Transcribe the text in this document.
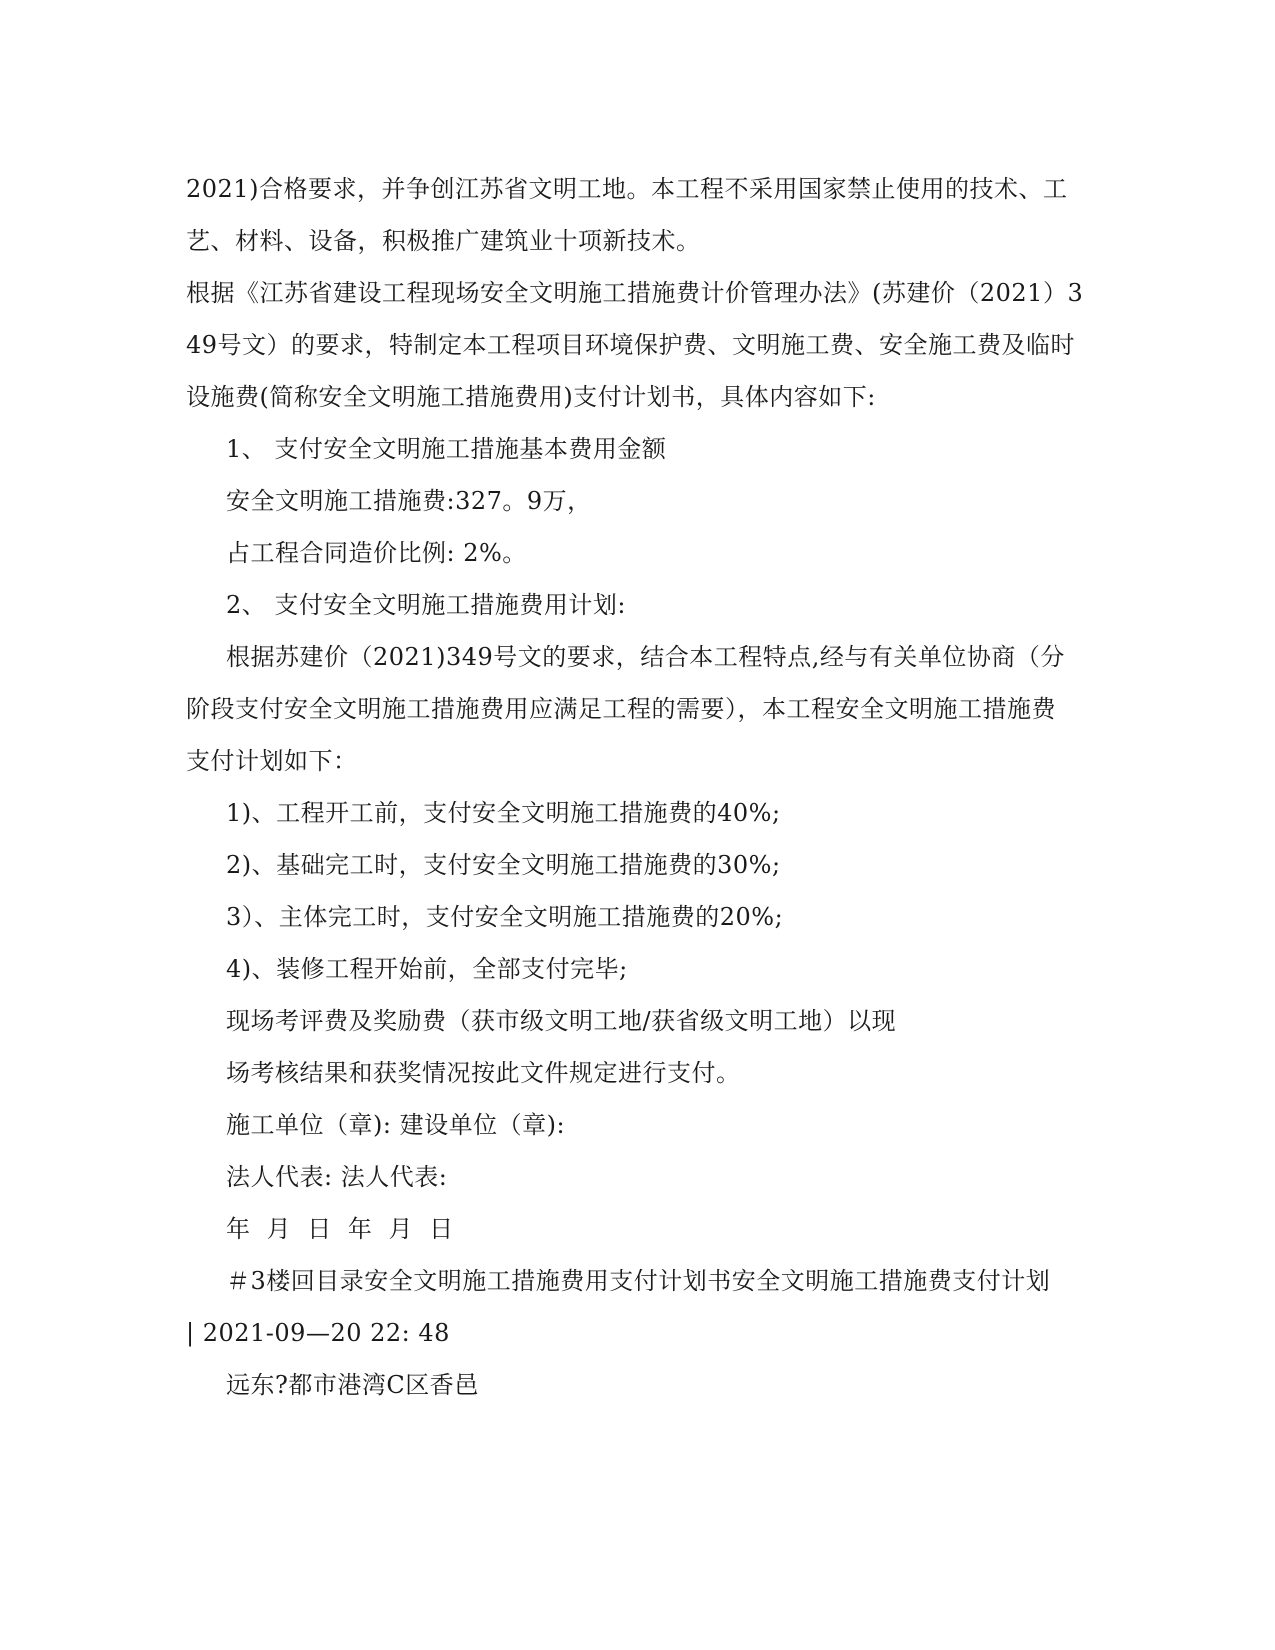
2021)合格要求，并争创江苏省文明工地。本工程不采用国家禁止使用的技术、工
艺、材料、设备，积极推广建筑业十项新技术。
根据《江苏省建设工程现场安全文明施工措施费计价管理办法》(苏建价（2021）3
49号文）的要求，特制定本工程项目环境保护费、文明施工费、安全施工费及临时
设施费(简称安全文明施工措施费用)支付计划书，具体内容如下:
1、 支付安全文明施工措施基本费用金额
安全文明施工措施费:327。9万，
占工程合同造价比例: 2%。
2、 支付安全文明施工措施费用计划:
根据苏建价（2021)349号文的要求，结合本工程特点,经与有关单位协商（分
阶段支付安全文明施工措施费用应满足工程的需要），本工程安全文明施工措施费
支付计划如下：
1)、工程开工前，支付安全文明施工措施费的40%;
2)、基础完工时，支付安全文明施工措施费的30%;
3）、主体完工时，支付安全文明施工措施费的20%;
4)、装修工程开始前，全部支付完毕;
现场考评费及奖励费（获市级文明工地/获省级文明工地）以现
场考核结果和获奖情况按此文件规定进行支付。
施工单位（章): 建设单位（章):
法人代表: 法人代表:
年 月 日 年 月 日
＃3楼回目录安全文明施工措施费用支付计划书安全文明施工措施费支付计划
| 2021-09—20 22: 48
远东?都市港湾C区香邑
